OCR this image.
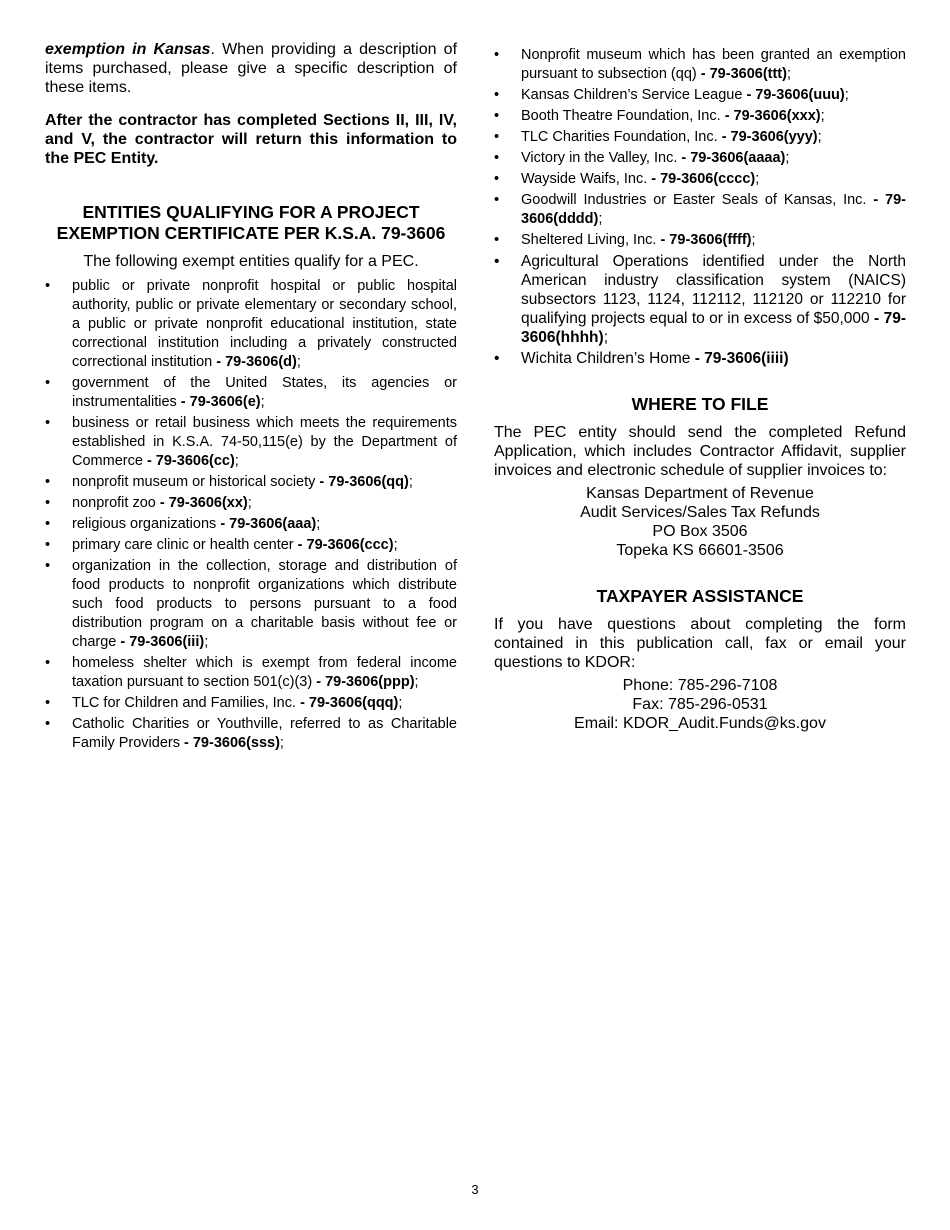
exemption in Kansas. When providing a description of items purchased, please give a specific description of these items.

After the contractor has completed Sections II, III, IV, and V, the contractor will return this information to the PEC Entity.

ENTITIES QUALIFYING FOR A PROJECT

EXEMPTION CERTIFICATE PER K.S.A. 79-3606

The following exempt entities qualify for a PEC.

•	public or private nonprofit hospital or public hospital authority, public or private elementary or secondary school, a public or private nonprofit educational institution, state correctional institution including a privately constructed correctional institution - 79-3606(d);
•	government of the United States, its agencies or instrumentalities - 79-3606(e);
•	business or retail business which meets the requirements established in K.S.A. 74-50,115(e) by the Department of Commerce - 79-3606(cc);
•	nonprofit museum or historical society - 79-3606(qq);
•	nonprofit zoo - 79-3606(xx);
•	religious organizations - 79-3606(aaa);
•	primary care clinic or health center - 79-3606(ccc);
•	organization in the collection, storage and distribution of food products to nonprofit organizations which distribute such food products to persons pursuant to a food distribution program on a charitable basis without fee or charge - 79-3606(iii);
•	homeless shelter which is exempt from federal income taxation pursuant to section 501(c)(3) - 79-3606(ppp);
•	TLC for Children and Families, Inc. - 79-3606(qqq);
•	Catholic Charities or Youthville, referred to as Charitable Family Providers - 79-3606(sss);
•	Nonprofit museum which has been granted an exemption pursuant to subsection (qq) - 79-3606(ttt);
•	Kansas Children’s Service League - 79-3606(uuu);
•	Booth Theatre Foundation, Inc. - 79-3606(xxx);
•	TLC Charities Foundation, Inc. - 79-3606(yyy);
•	Victory in the Valley, Inc. - 79-3606(aaaa);
•	Wayside Waifs, Inc. - 79-3606(cccc);
•	Goodwill Industries or Easter Seals of Kansas, Inc. - 79-3606(dddd);
•	Sheltered Living, Inc. - 79-3606(ffff);
• Agricultural Operations identified under the North American industry classification system (NAICS) subsectors 1123, 1124, 112112, 112120 or 112210 for qualifying projects equal to or in excess of $50,000 - 79-3606(hhhh);
• Wichita Children’s Home - 79-3606(iiii)

WHERE TO FILE

The PEC entity should send the completed Refund Application, which includes Contractor Affidavit, supplier invoices and electronic schedule of supplier invoices to:

Kansas Department of Revenue
Audit Services/Sales Tax Refunds
PO Box 3506
Topeka KS 66601-3506

TAXPAYER ASSISTANCE

If you have questions about completing the form contained in this publication call, fax or email your questions to KDOR:

Phone: 785-296-7108
Fax: 785-296-0531
Email: KDOR_Audit.Funds@ks.gov
3
